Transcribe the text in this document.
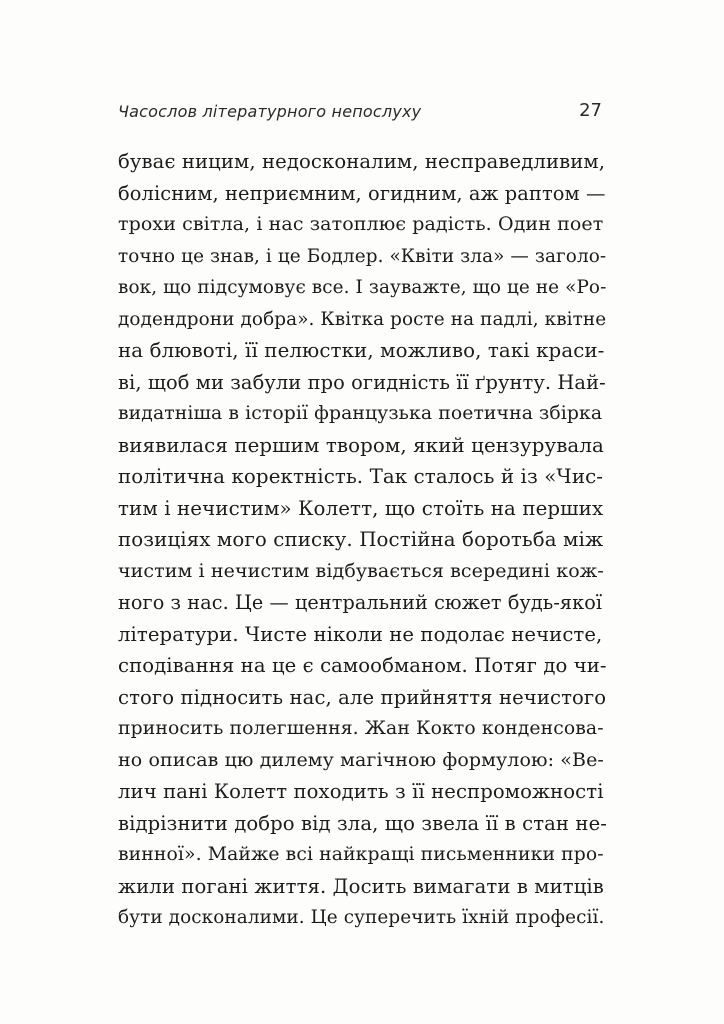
Часослов літературного непослуху	27
буває ницим, недосконалим, несправедливим,
болісним, неприємним, огидним, аж раптом —
трохи світла, і нас затоплює радість. Один поет
точно це знав, і це Бодлер. «Квіти зла» — заголо-
вок, що підсумовує все. І зауважте, що це не «Ро-
додендрони добра». Квітка росте на падлі, квітне
на блювоті, її пелюстки, можливо, такі краси-
ві, щоб ми забули про огидність її ґрунту. Най-
видатніша в історії французька поетична збірка
виявилася першим твором, який цензурувала
політична коректність. Так сталось й із «Чис-
тим і нечистим» Колетт, що стоїть на перших
позиціях мого списку. Постійна боротьба між
чистим і нечистим відбувається всередині кож-
ного з нас. Це — центральний сюжет будь-якої
літератури. Чисте ніколи не подолає нечисте,
сподівання на це є самообманом. Потяг до чи-
стого підносить нас, але прийняття нечистого
приносить полегшення. Жан Кокто конденсова-
но описав цю дилему магічною формулою: «Ве-
лич пані Колетт походить з її неспроможності
відрізнити добро від зла, що звела її в стан не-
винної». Майже всі найкращі письменники про-
жили погані життя. Досить вимагати в митців
бути досконалими. Це суперечить їхній професії.
